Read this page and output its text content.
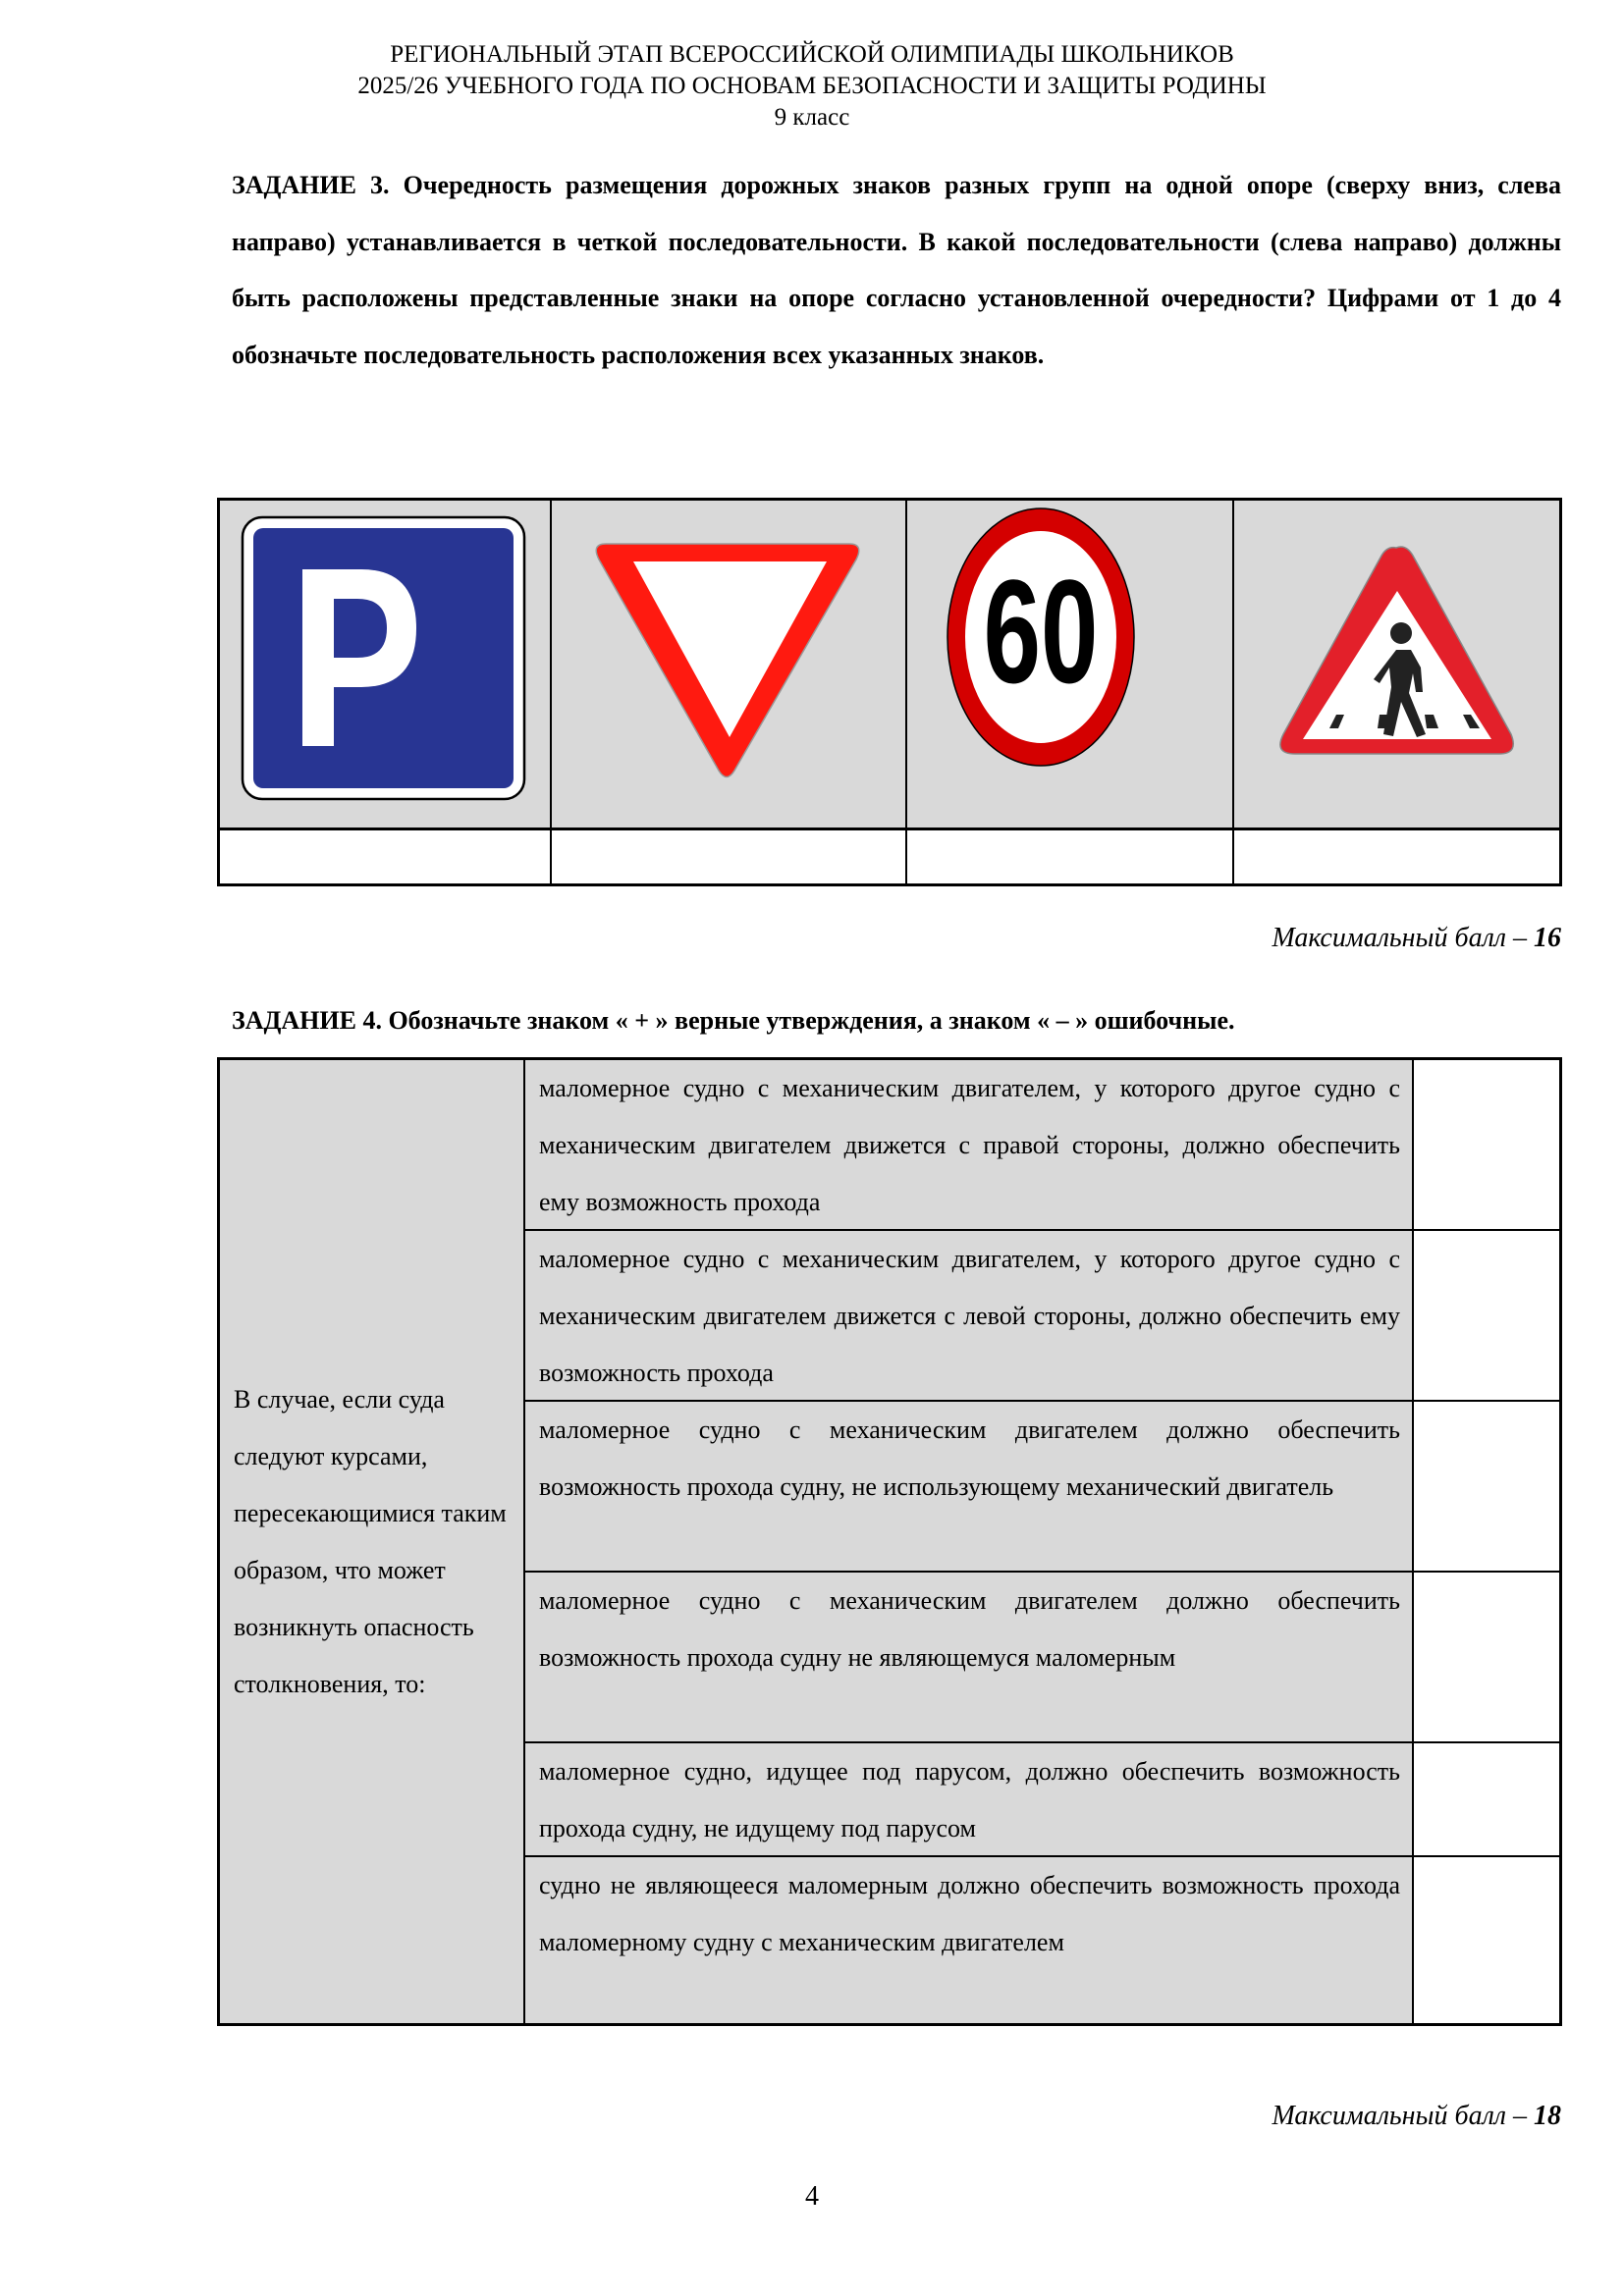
РЕГИОНАЛЬНЫЙ ЭТАП ВСЕРОССИЙСКОЙ ОЛИМПИАДЫ ШКОЛЬНИКОВ
2025/26 УЧЕБНОГО ГОДА ПО ОСНОВАМ БЕЗОПАСНОСТИ И ЗАЩИТЫ РОДИНЫ
9 класс

ЗАДАНИЕ 3. Очередность размещения дорожных знаков разных групп на одной опоре (сверху вниз, слева направо) устанавливается в четкой последовательности. В какой последовательности (слева направо) должны быть расположены представленные знаки на опоре согласно установленной очередности? Цифрами от 1 до 4 обозначьте последовательность расположения всех указанных знаков.

60
Максимальный балл – 16
ЗАДАНИЕ 4. Обозначьте знаком « + » верные утверждения, а знаком « – » ошибочные.
В случае, если суда следуют курсами, пересекающимися таким образом, что может возникнуть опасность столкновения, то:
маломерное судно с механическим двигателем, у которого другое судно с механическим двигателем движется с правой стороны, должно обеспечить ему возможность прохода
маломерное судно с механическим двигателем, у которого другое судно с механическим двигателем движется с левой стороны, должно обеспечить ему возможность прохода
маломерное судно с механическим двигателем должно обеспечить возможность прохода судну, не использующему механический двигатель
маломерное судно с механическим двигателем должно обеспечить возможность прохода судну не являющемуся маломерным
маломерное судно, идущее под парусом, должно обеспечить возможность прохода судну, не идущему под парусом
судно не являющееся маломерным должно обеспечить возможность прохода маломерному судну с механическим двигателем
Максимальный балл – 18
4
